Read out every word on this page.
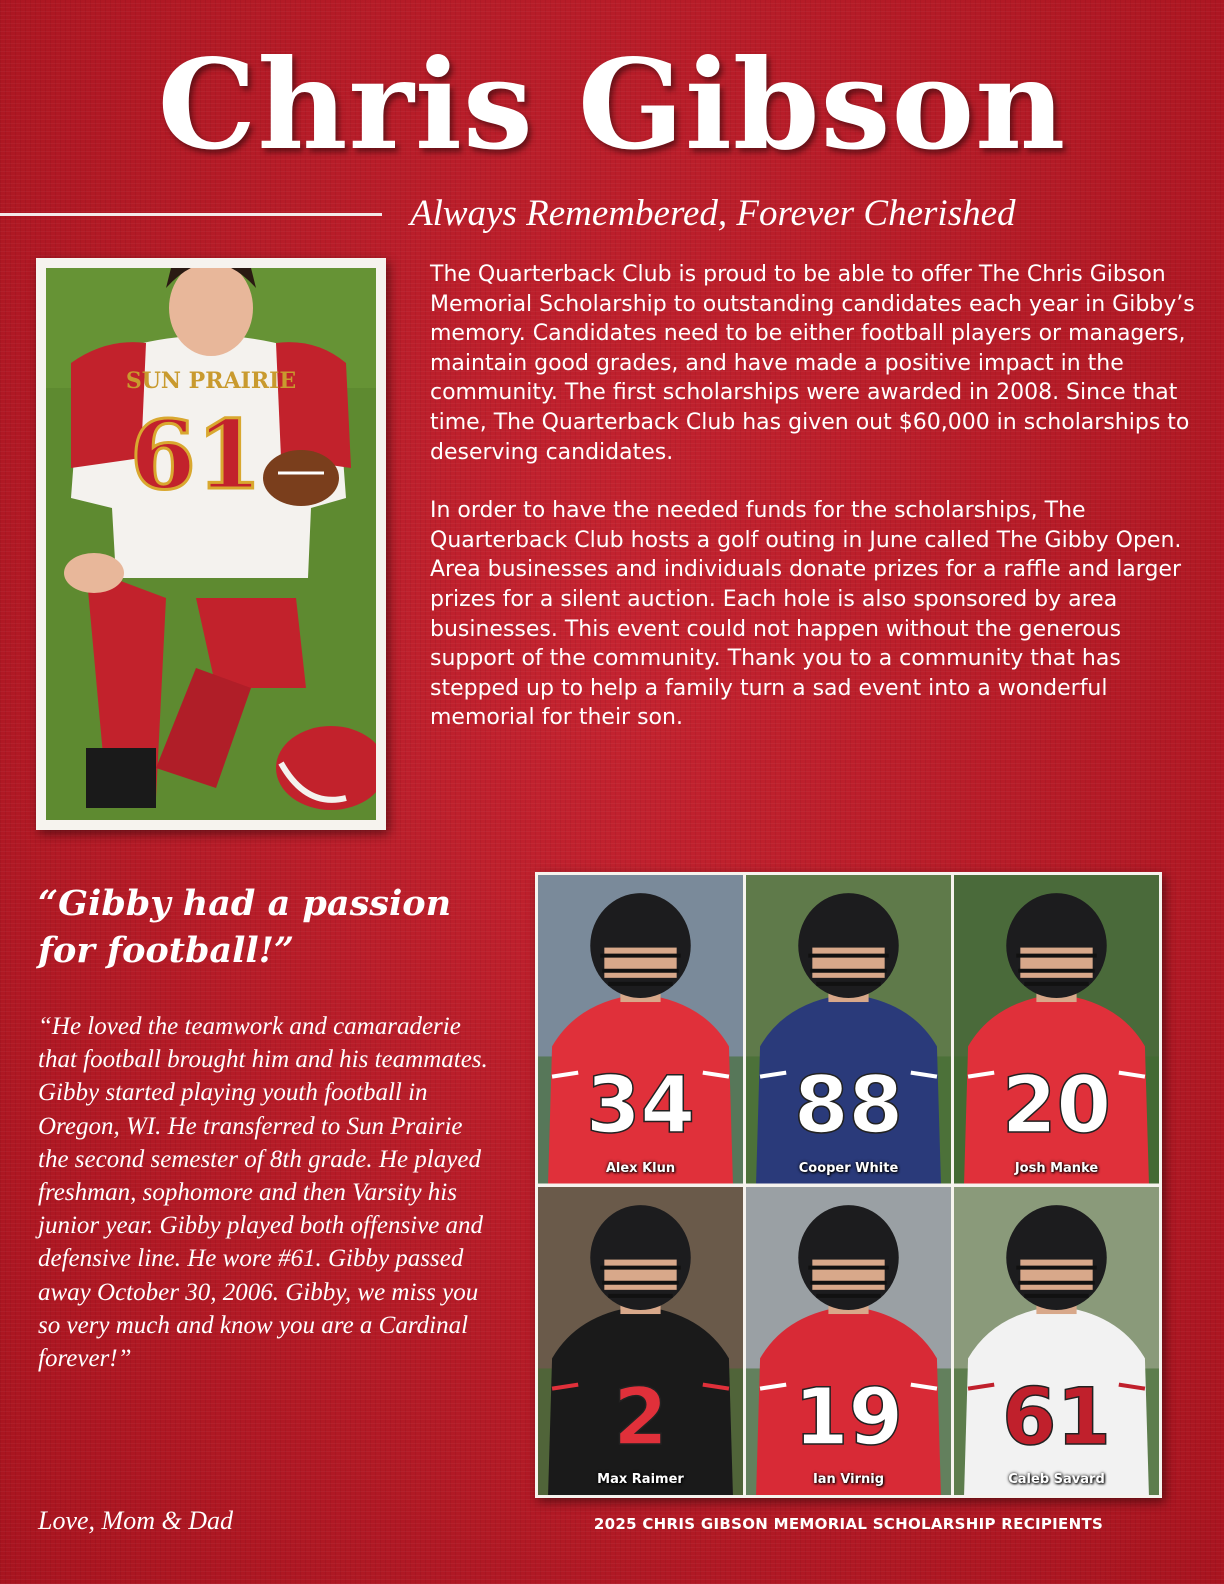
Chris Gibson
Always Remembered, Forever Cherished
SUN PRAIRIE
61

The Quarterback Club is proud to be able to offer The Chris Gibson Memorial Scholarship to outstanding candidates each year in Gibby’s memory. Candidates need to be either football players or managers, maintain good grades, and have made a positive impact in the community. The first scholarships were awarded in 2008. Since that time, The Quarterback Club has given out $60,000 in scholarships to deserving candidates.

In order to have the needed funds for the scholarships, The Quarterback Club hosts a golf outing in June called The Gibby Open. Area businesses and individuals donate prizes for a raffle and larger prizes for a silent auction. Each hole is also sponsored by area businesses. This event could not happen without the generous support of the community. Thank you to a community that has stepped up to help a family turn a sad event into a wonderful memorial for their son.

“Gibby had a passion for football!”
“He loved the teamwork and camaraderie that football brought him and his teammates. Gibby started playing youth football in Oregon, WI. He transferred to Sun Prairie the second semester of 8th grade. He played freshman, sophomore and then Varsity his junior year. Gibby played both offensive and defensive line. He wore #61. Gibby passed away October 30, 2006. Gibby, we miss you so very much and know you are a Cardinal forever!”
Love, Mom & Dad
34
Alex Klun
88
Cooper White
20
Josh Manke
2
Max Raimer
19
Ian Virnig
61
Caleb Savard
2025 CHRIS GIBSON MEMORIAL SCHOLARSHIP RECIPIENTS
